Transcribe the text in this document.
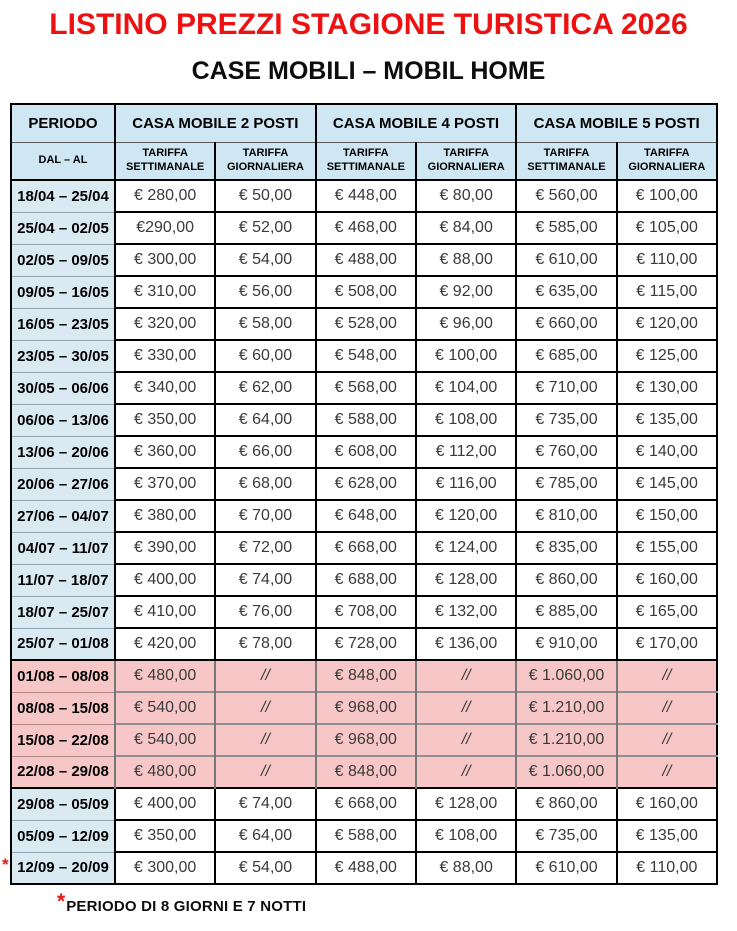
LISTINO PREZZI STAGIONE TURISTICA 2026
CASE MOBILI – MOBIL HOME
PERIODO	CASA MOBILE 2 POSTI		CASA MOBILE 4 POSTI		CASA MOBILE 5 POSTI	
DAL – AL	TARIFFA SETTIMANALE	TARIFFA GIORNALIERA	TARIFFA SETTIMANALE	TARIFFA GIORNALIERA	TARIFFA SETTIMANALE	TARIFFA GIORNALIERA
18/04 – 25/04	€ 280,00	€ 50,00	€ 448,00	€ 80,00	€ 560,00	€ 100,00
25/04 – 02/05	€290,00	€ 52,00	€ 468,00	€ 84,00	€ 585,00	€ 105,00
02/05 – 09/05	€ 300,00	€ 54,00	€ 488,00	€ 88,00	€ 610,00	€ 110,00
09/05 – 16/05	€ 310,00	€ 56,00	€ 508,00	€ 92,00	€ 635,00	€ 115,00
16/05 – 23/05	€ 320,00	€ 58,00	€ 528,00	€ 96,00	€ 660,00	€ 120,00
23/05 – 30/05	€ 330,00	€ 60,00	€ 548,00	€ 100,00	€ 685,00	€ 125,00
30/05 – 06/06	€ 340,00	€ 62,00	€ 568,00	€ 104,00	€ 710,00	€ 130,00
06/06 – 13/06	€ 350,00	€ 64,00	€ 588,00	€ 108,00	€ 735,00	€ 135,00
13/06 – 20/06	€ 360,00	€ 66,00	€ 608,00	€ 112,00	€ 760,00	€ 140,00
20/06 – 27/06	€ 370,00	€ 68,00	€ 628,00	€ 116,00	€ 785,00	€ 145,00
27/06 – 04/07	€ 380,00	€ 70,00	€ 648,00	€ 120,00	€ 810,00	€ 150,00
04/07 – 11/07	€ 390,00	€ 72,00	€ 668,00	€ 124,00	€ 835,00	€ 155,00
11/07 – 18/07	€ 400,00	€ 74,00	€ 688,00	€ 128,00	€ 860,00	€ 160,00
18/07 – 25/07	€ 410,00	€ 76,00	€ 708,00	€ 132,00	€ 885,00	€ 165,00
25/07 – 01/08	€ 420,00	€ 78,00	€ 728,00	€ 136,00	€ 910,00	€ 170,00
01/08 – 08/08	€ 480,00	//	€ 848,00	//	€ 1.060,00	//
08/08 – 15/08	€ 540,00	//	€ 968,00	//	€ 1.210,00	//
15/08 – 22/08	€ 540,00	//	€ 968,00	//	€ 1.210,00	//
22/08 – 29/08	€ 480,00	//	€ 848,00	//	€ 1.060,00	//
29/08 – 05/09	€ 400,00	€ 74,00	€ 668,00	€ 128,00	€ 860,00	€ 160,00
05/09 – 12/09	€ 350,00	€ 64,00	€ 588,00	€ 108,00	€ 735,00	€ 135,00

* 12/09 – 20/09	€ 300,00	€ 54,00	€ 488,00	€ 88,00	€ 610,00	€ 110,00
*PERIODO DI 8 GIORNI E 7 NOTTI
